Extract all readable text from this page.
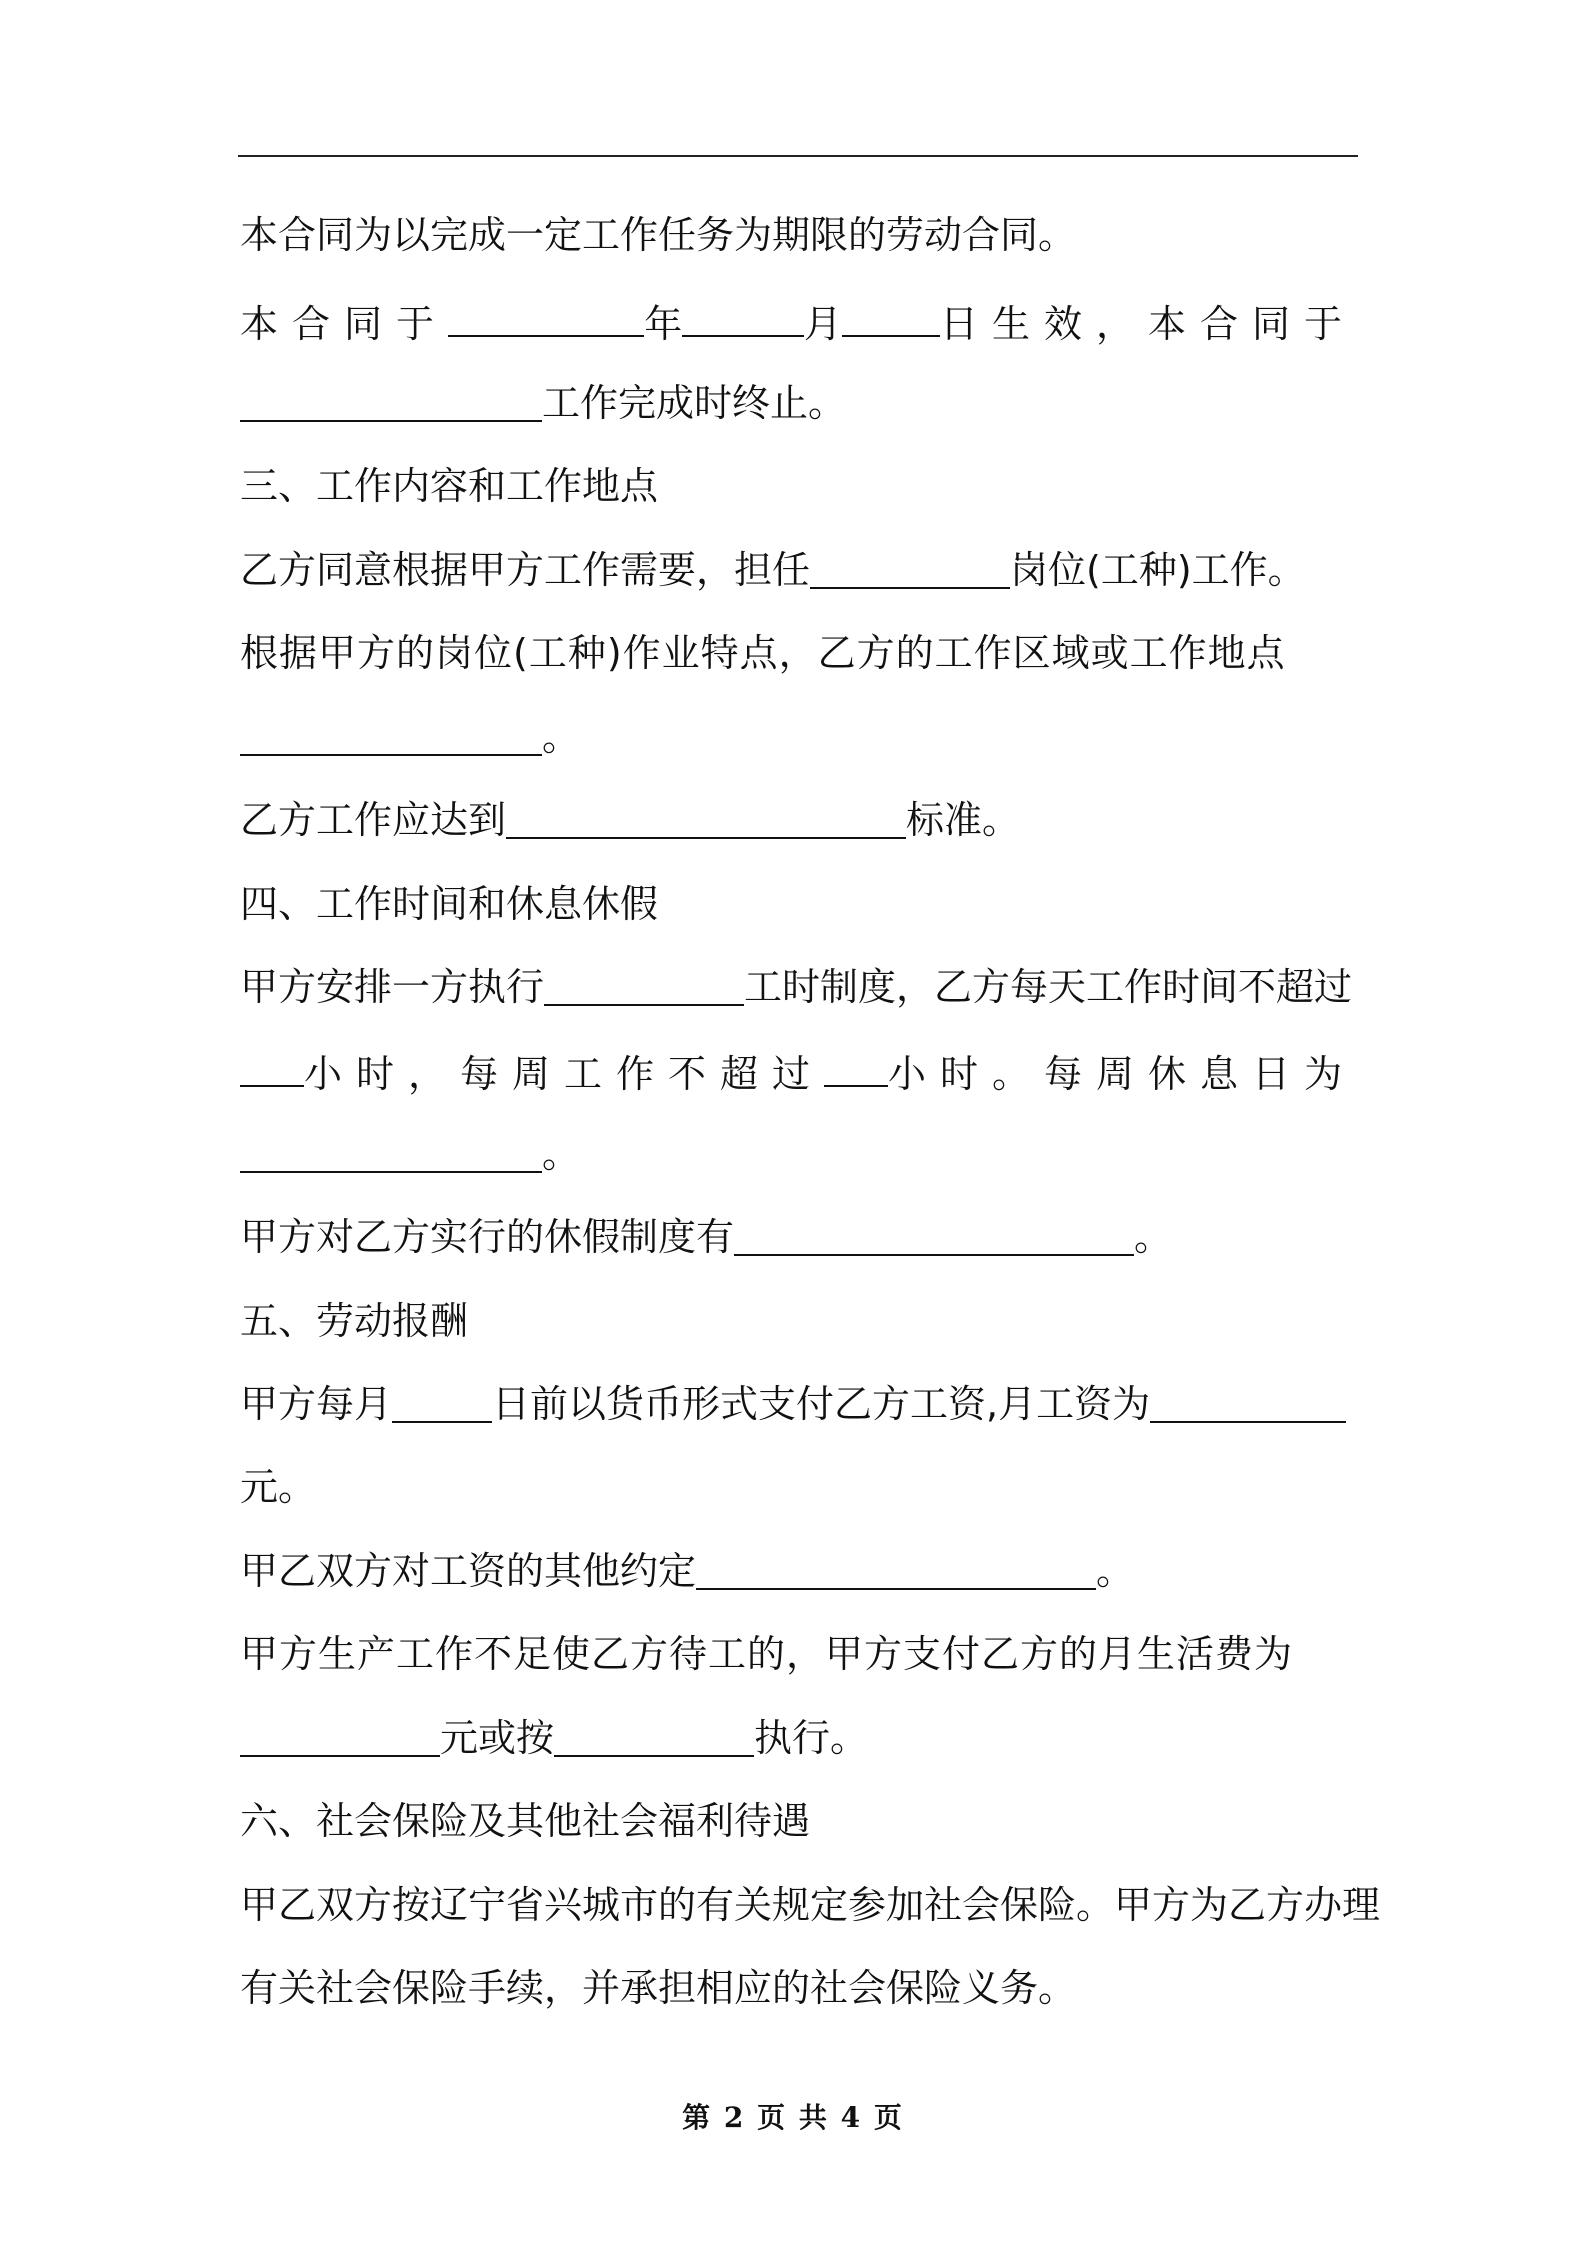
本合同为以完成一定工作任务为期限的劳动合同。
本合同于	年	月	日生效，本合同于
工作完成时终止。
三、工作内容和工作地点
乙方同意根据甲方工作需要，担任	岗位(工种)工作。
根据甲方的岗位(工种)作业特点，乙方的工作区域或工作地点
。
乙方工作应达到	标准。
四、工作时间和休息休假
甲方安排一方执行	工时制度，乙方每天工作时间不超过
小时，每周工作不超过 小时。每周休息日为
。
甲方对乙方实行的休假制度有	。
五、劳动报酬
甲方每月	日前以货币形式支付乙方工资,月工资为
元。
甲乙双方对工资的其他约定	。
甲方生产工作不足使乙方待工的，甲方支付乙方的月生活费为
元或按	执行。
六、社会保险及其他社会福利待遇
甲乙双方按辽宁省兴城市的有关规定参加社会保险。甲方为乙方办理
有关社会保险手续，并承担相应的社会保险义务。
第 2 页 共 4 页
